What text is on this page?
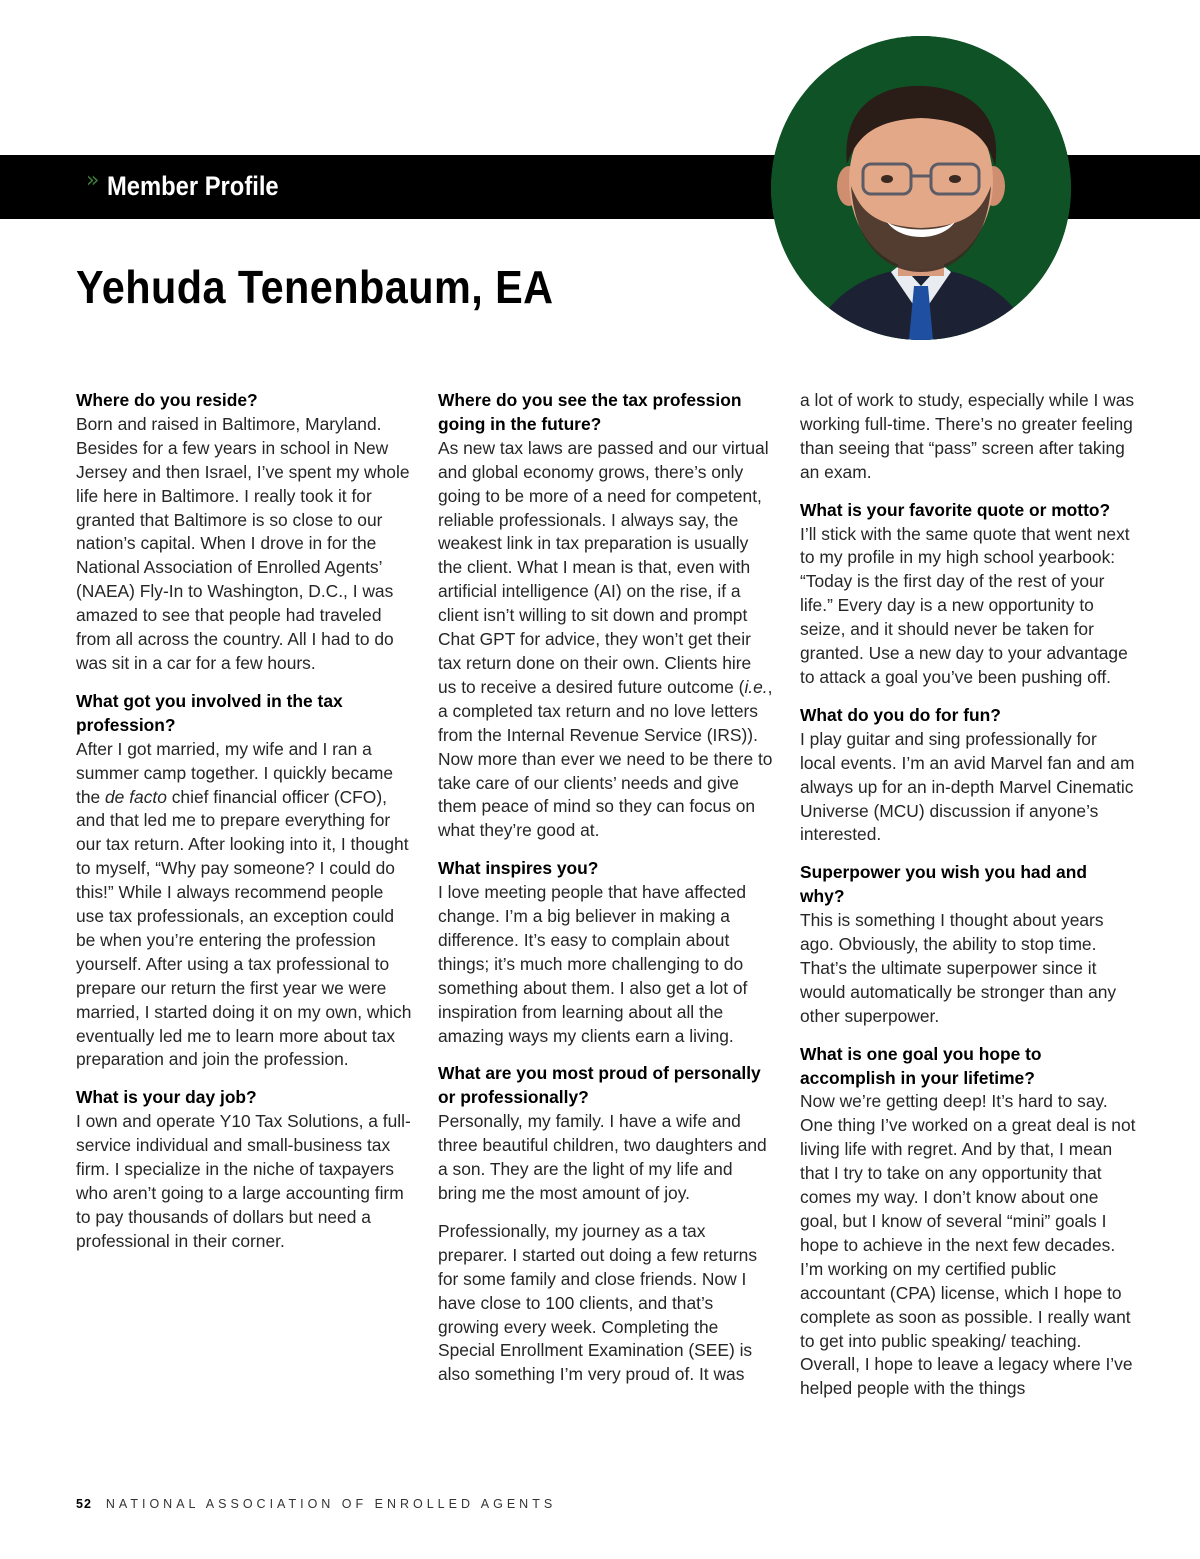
» Member Profile
Yehuda Tenenbaum, EA

Where do you reside?

Born and raised in Baltimore, Maryland. Besides for a few years in school in New Jersey and then Israel, I’ve spent my whole life here in Baltimore. I really took it for granted that Baltimore is so close to our nation’s capital. When I drove in for the National Association of Enrolled Agents’ (NAEA) Fly-In to Washington, D.C., I was amazed to see that people had traveled from all across the country. All I had to do was sit in a car for a few hours.

What got you involved in the tax profession?

After I got married, my wife and I ran a summer camp together. I quickly became the de facto chief financial officer (CFO), and that led me to prepare everything for our tax return. After looking into it, I thought to myself, “Why pay someone? I could do this!” While I always recommend people use tax professionals, an exception could be when you’re entering the profession yourself. After using a tax professional to prepare our return the first year we were married, I started doing it on my own, which eventually led me to learn more about tax preparation and join the profession.

What is your day job?

I own and operate Y10 Tax Solutions, a full-service individual and small-business tax firm. I specialize in the niche of taxpayers who aren’t going to a large accounting firm to pay thousands of dollars but need a professional in their corner.

Where do you see the tax profession going in the future?

As new tax laws are passed and our virtual and global economy grows, there’s only going to be more of a need for competent, reliable professionals. I always say, the weakest link in tax preparation is usually the client. What I mean is that, even with artificial intelligence (AI) on the rise, if a client isn’t willing to sit down and prompt Chat GPT for advice, they won’t get their tax return done on their own. Clients hire us to receive a desired future outcome (i.e., a completed tax return and no love letters from the Internal Revenue Service (IRS)). Now more than ever we need to be there to take care of our clients’ needs and give them peace of mind so they can focus on what they’re good at.

What inspires you?

I love meeting people that have affected change. I’m a big believer in making a difference. It’s easy to complain about things; it’s much more challenging to do something about them. I also get a lot of inspiration from learning about all the amazing ways my clients earn a living.

What are you most proud of personally or professionally?

Personally, my family. I have a wife and three beautiful children, two daughters and a son. They are the light of my life and bring me the most amount of joy.

Professionally, my journey as a tax preparer. I started out doing a few returns for some family and close friends. Now I have close to 100 clients, and that’s growing every week. Completing the Special Enrollment Examination (SEE) is also something I’m very proud of. It was

a lot of work to study, especially while I was working full-time. There’s no greater feeling than seeing that “pass” screen after taking an exam.

What is your favorite quote or motto?

I’ll stick with the same quote that went next to my profile in my high school yearbook: “Today is the first day of the rest of your life.” Every day is a new opportunity to seize, and it should never be taken for granted. Use a new day to your advantage to attack a goal you’ve been pushing off.

What do you do for fun?

I play guitar and sing professionally for local events. I’m an avid Marvel fan and am always up for an in-depth Marvel Cinematic Universe (MCU) discussion if anyone’s interested.

Superpower you wish you had and why?

This is something I thought about years ago. Obviously, the ability to stop time. That’s the ultimate superpower since it would automatically be stronger than any other superpower.

What is one goal you hope to accomplish in your lifetime?

Now we’re getting deep! It’s hard to say. One thing I’ve worked on a great deal is not living life with regret. And by that, I mean that I try to take on any opportunity that comes my way. I don’t know about one goal, but I know of several “mini” goals I hope to achieve in the next few decades. I’m working on my certified public accountant (CPA) license, which I hope to complete as soon as possible. I really want to get into public speaking/ teaching. Overall, I hope to leave a legacy where I’ve helped people with the things

52 NATIONAL ASSOCIATION OF ENROLLED AGENTS
